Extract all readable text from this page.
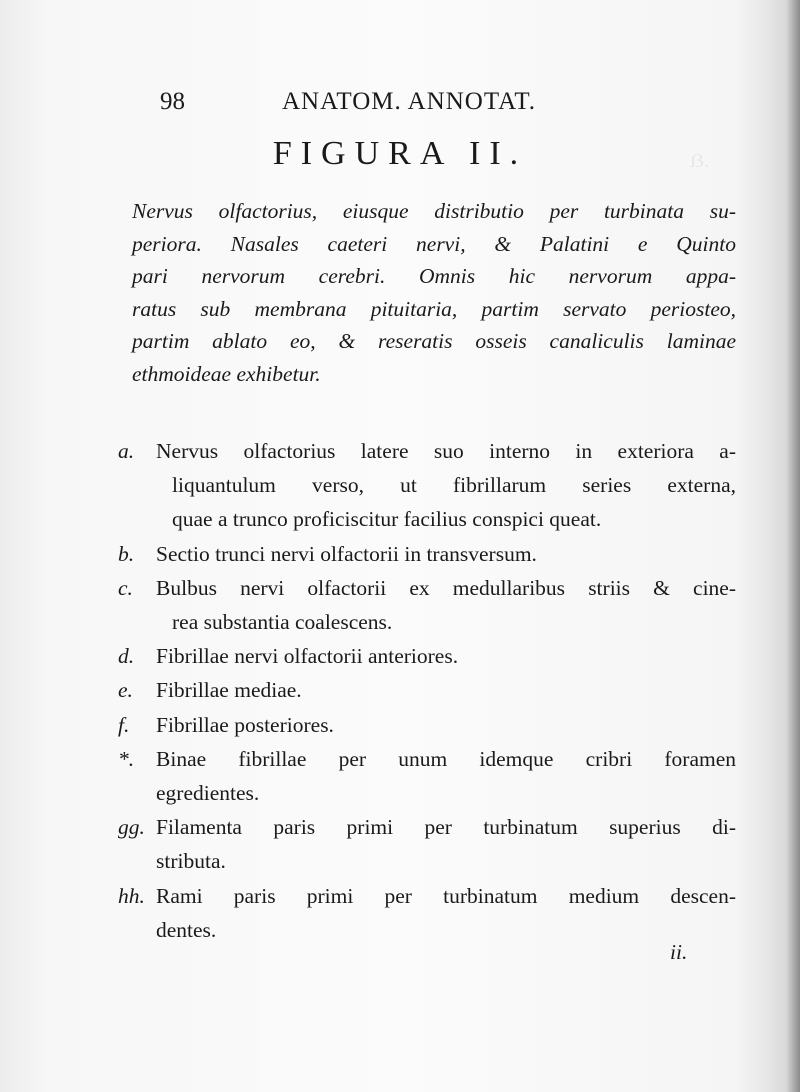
ẞ.
98	ANATOM. ANNOTAT.
FIGURA II.
Nervus olfactorius, eiusque distributio per turbinata su-
periora. Nasales caeteri nervi, & Palatini e Quinto
pari nervorum cerebri. Omnis hic nervorum appa-
ratus sub membrana pituitaria, partim servato periosteo,
partim ablato eo, & reseratis osseis canaliculis laminae
ethmoideae exhibetur.
a.	Nervus olfactorius latere suo interno in exteriora a-
liquantulum verso, ut fibrillarum series externa,
quae a trunco proficiscitur facilius conspici queat.
b.	Sectio trunci nervi olfactorii in transversum.
c.	Bulbus nervi olfactorii ex medullaribus striis & cine-
rea substantia coalescens.
d.	Fibrillae nervi olfactorii anteriores.
e.	Fibrillae mediae.
f.	Fibrillae posteriores.
*.	Binae fibrillae per unum idemque cribri foramen
egredientes.
gg. Filamenta paris primi per turbinatum superius di-
stributa.
hh. Rami paris primi per turbinatum medium descen-
dentes.
ii.
